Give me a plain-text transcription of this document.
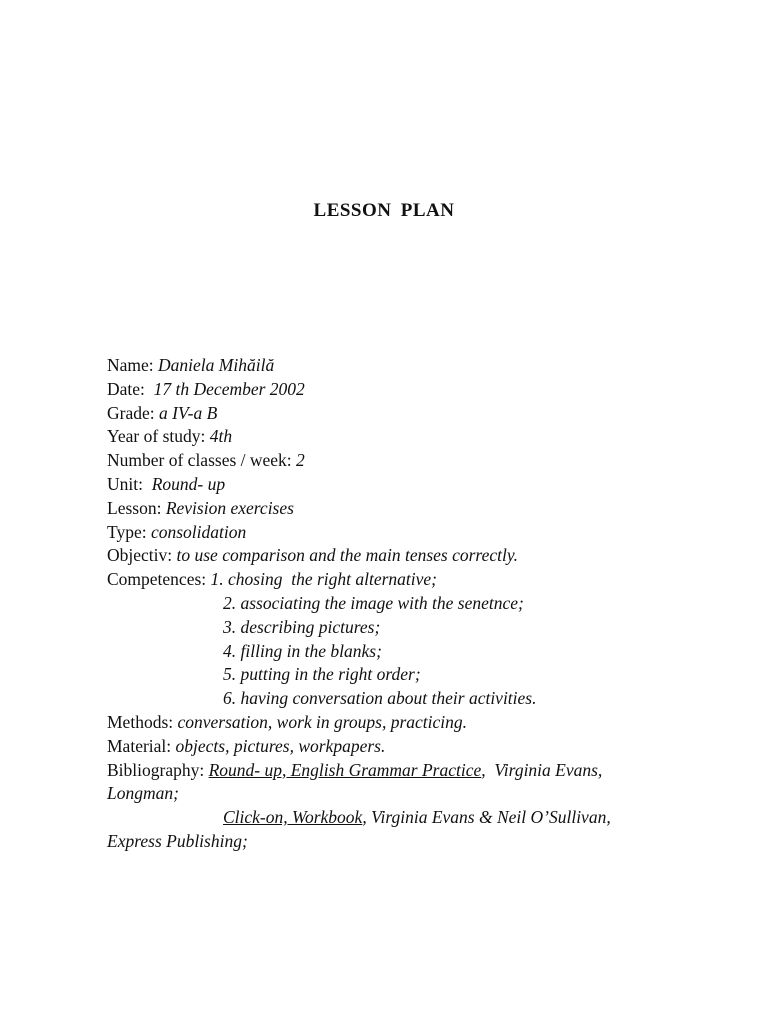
LESSON PLAN
Name: Daniela Mihăilă
Date: 17 th December 2002
Grade: a IV-a B
Year of study: 4th
Number of classes / week: 2
Unit: Round- up
Lesson: Revision exercises
Type: consolidation
Objectiv: to use comparison and the main tenses correctly.
Competences: 1. chosing  the right alternative;
2. associating the image with the senetnce;
3. describing pictures;
4. filling in the blanks;
5. putting in the right order;
6. having conversation about their activities.
Methods: conversation, work in groups, practicing.
Material: objects, pictures, workpapers.
Bibliography: Round- up, English Grammar Practice,  Virginia Evans,
Longman;
Click-on, Workbook, Virginia Evans & Neil O’Sullivan,
Express Publishing;
